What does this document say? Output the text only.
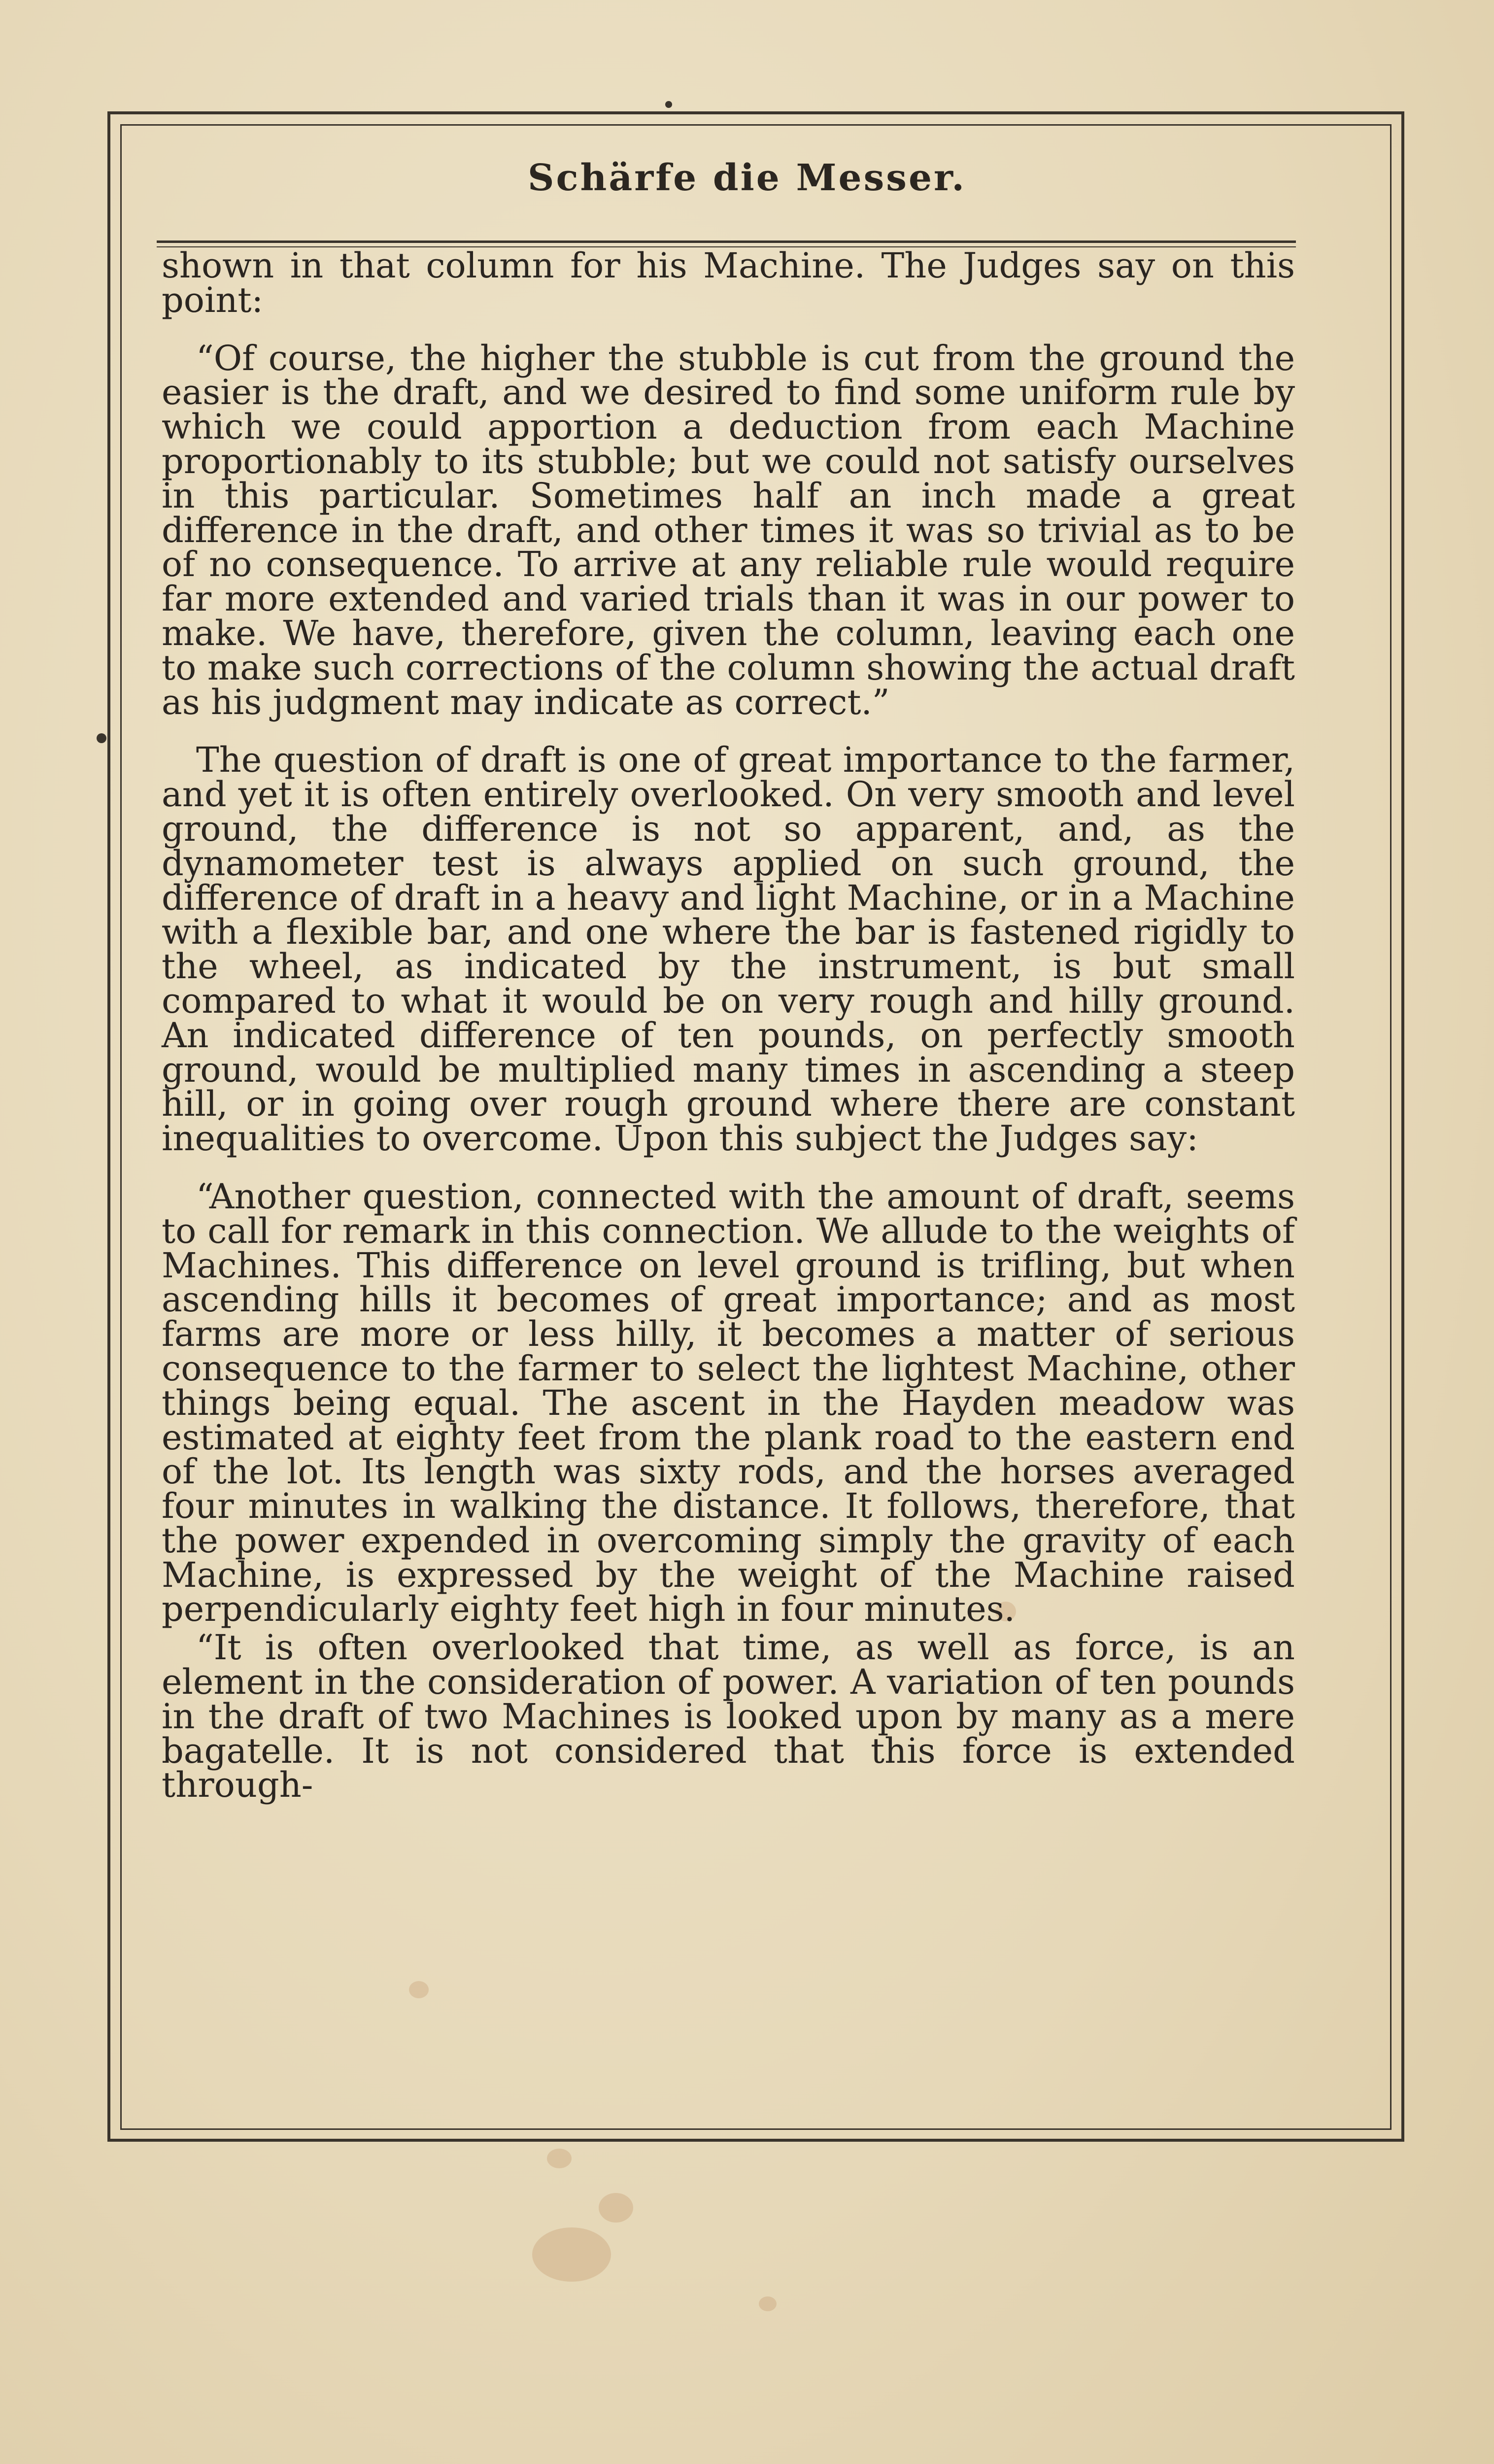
Schärfe die Messer.

shown in that column for his Machine. The Judges say on this point:

“Of course, the higher the stubble is cut from the ground the easier is the draft, and we desired to find some uniform rule by which we could apportion a deduction from each Machine proportionably to its stubble; but we could not satisfy ourselves in this particular. Sometimes half an inch made a great difference in the draft, and other times it was so trivial as to be of no consequence. To arrive at any reliable rule would require far more extended and varied trials than it was in our power to make. We have, therefore, given the column, leaving each one to make such corrections of the column showing the actual draft as his judgment may indicate as correct.”

The question of draft is one of great importance to the farmer, and yet it is often entirely overlooked. On very smooth and level ground, the difference is not so apparent, and, as the dynamometer test is always applied on such ground, the difference of draft in a heavy and light Machine, or in a Machine with a flexible bar, and one where the bar is fastened rigidly to the wheel, as indicated by the instrument, is but small compared to what it would be on very rough and hilly ground. An indicated difference of ten pounds, on perfectly smooth ground, would be multiplied many times in ascending a steep hill, or in going over rough ground where there are constant inequalities to overcome. Upon this subject the Judges say:

“Another question, connected with the amount of draft, seems to call for remark in this connection. We allude to the weights of Machines. This difference on level ground is trifling, but when ascending hills it becomes of great importance; and as most farms are more or less hilly, it becomes a matter of serious consequence to the farmer to select the lightest Machine, other things being equal. The ascent in the Hayden meadow was estimated at eighty feet from the plank road to the eastern end of the lot. Its length was sixty rods, and the horses averaged four minutes in walking the distance. It follows, therefore, that the power expended in overcoming simply the gravity of each Machine, is expressed by the weight of the Machine raised perpendicularly eighty feet high in four minutes.

“It is often overlooked that time, as well as force, is an element in the consideration of power. A variation of ten pounds in the draft of two Machines is looked upon by many as a mere bagatelle. It is not considered that this force is extended through-
